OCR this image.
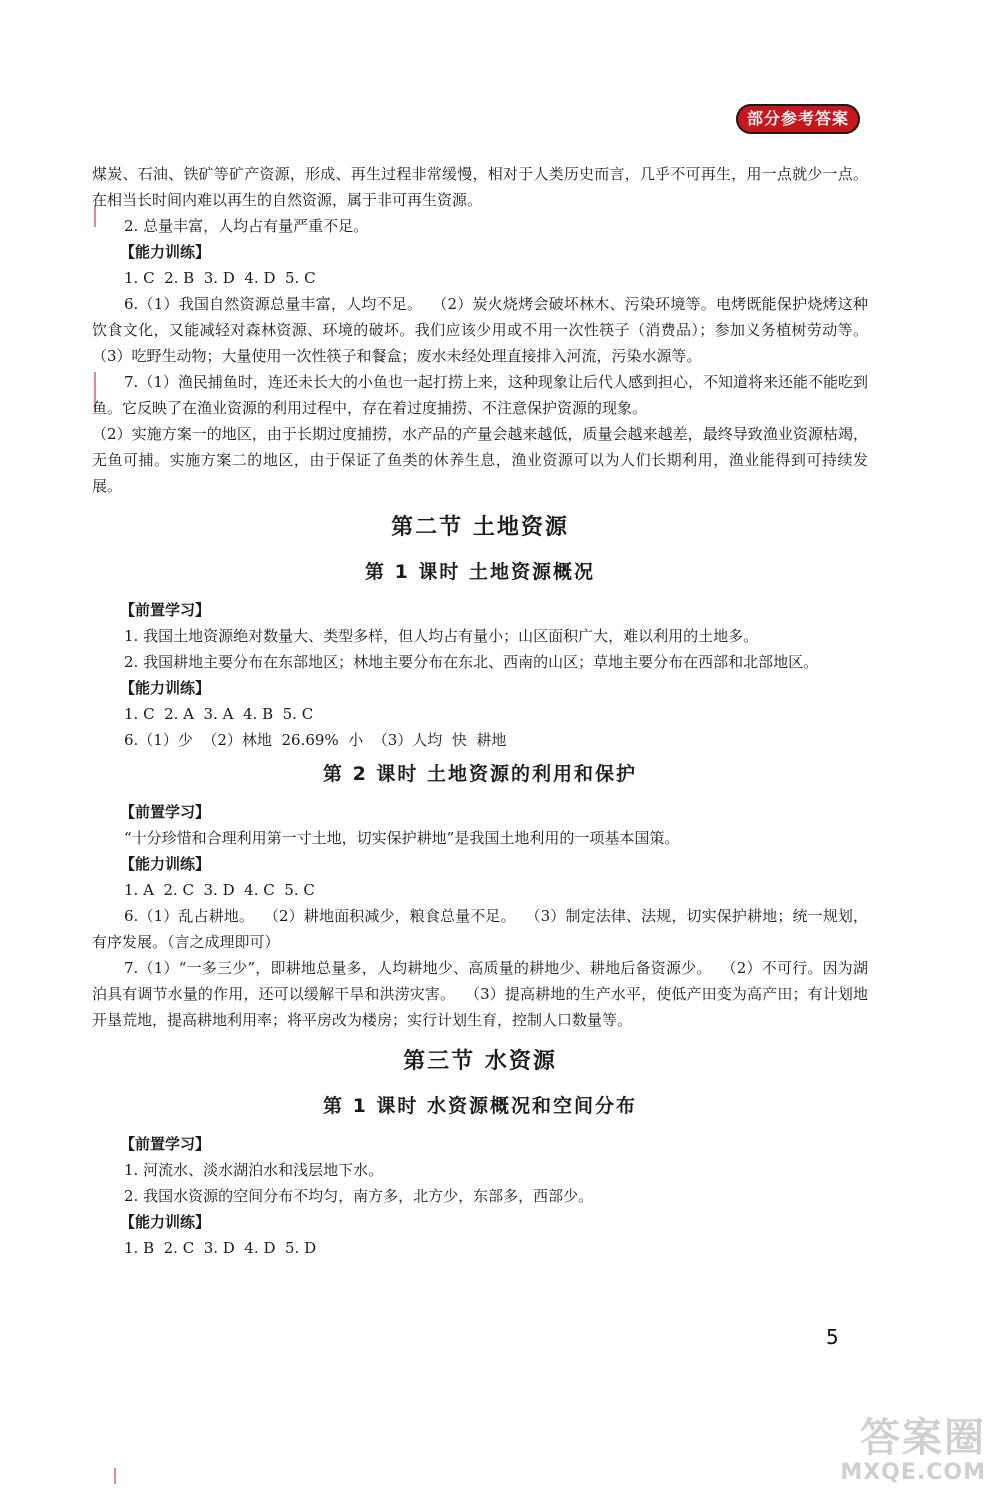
部分参考答案
煤炭、石油、铁矿等矿产资源，形成、再生过程非常缓慢，相对于人类历史而言，几乎不可再生，用一点就少一点。在相当长时间内难以再生的自然资源，属于非可再生资源。
2. 总量丰富，人均占有量严重不足。
【能力训练】
1. C  2. B  3. D  4. D  5. C
6.（1）我国自然资源总量丰富，人均不足。  （2）炭火烧烤会破坏林木、污染环境等。电烤既能保护烧烤这种饮食文化，又能减轻对森林资源、环境的破坏。我们应该少用或不用一次性筷子（消费品）；参加义务植树劳动等。  （3）吃野生动物；大量使用一次性筷子和餐盒；废水未经处理直接排入河流，污染水源等。
7.（1）渔民捕鱼时，连还未长大的小鱼也一起打捞上来，这种现象让后代人感到担心，不知道将来还能不能吃到鱼。它反映了在渔业资源的利用过程中，存在着过度捕捞、不注意保护资源的现象。
（2）实施方案一的地区，由于长期过度捕捞，水产品的产量会越来越低，质量会越来越差，最终导致渔业资源枯竭，无鱼可捕。实施方案二的地区，由于保证了鱼类的休养生息，渔业资源可以为人们长期利用，渔业能得到可持续发展。
第二节 土地资源
第 1 课时 土地资源概况
【前置学习】
1. 我国土地资源绝对数量大、类型多样，但人均占有量小；山区面积广大，难以利用的土地多。
2. 我国耕地主要分布在东部地区；林地主要分布在东北、西南的山区；草地主要分布在西部和北部地区。
【能力训练】
1. C  2. A  3. A  4. B  5. C
6.（1）少  （2）林地  26.69%  小  （3）人均  快  耕地
第 2 课时 土地资源的利用和保护
【前置学习】
“十分珍惜和合理利用第一寸土地，切实保护耕地”是我国土地利用的一项基本国策。
【能力训练】
1. A  2. C  3. D  4. C  5. C
6.（1）乱占耕地。  （2）耕地面积减少，粮食总量不足。  （3）制定法律、法规，切实保护耕地；统一规划，有序发展。（言之成理即可）
7.（1）“一多三少”，即耕地总量多，人均耕地少、高质量的耕地少、耕地后备资源少。  （2）不可行。因为湖泊具有调节水量的作用，还可以缓解干旱和洪涝灾害。  （3）提高耕地的生产水平，使低产田变为高产田；有计划地开垦荒地，提高耕地利用率；将平房改为楼房；实行计划生育，控制人口数量等。
第三节 水资源
第 1 课时 水资源概况和空间分布
【前置学习】
1. 河流水、淡水湖泊水和浅层地下水。
2. 我国水资源的空间分布不均匀，南方多，北方少，东部多，西部少。
【能力训练】
1. B  2. C  3. D  4. D  5. D
5
答案圈
MXQE.COM
